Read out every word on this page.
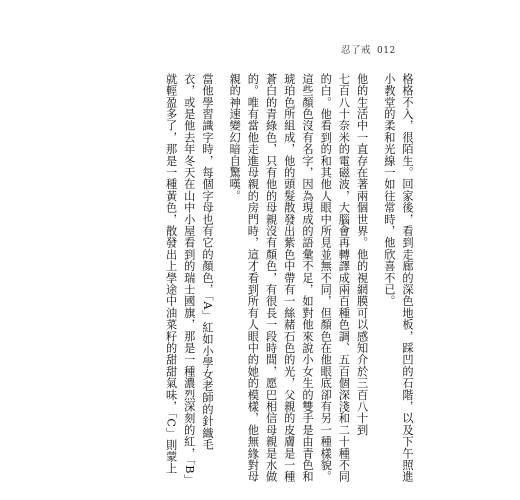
忍了戒 012
格格不入，很陌生。回家後，看到走廊的深色地板，踩凹的石階，以及下午照進
小教堂的柔和光線一如往常時，他欣喜不已。
他的生活中一直存在著兩個世界。他的視網膜可以感知介於三百八十到
七百八十奈米的電磁波，大腦會再轉譯成兩百種色調、五百個深淺和二十種不同
的白。他看到的和其他人眼中所見並無不同，但顏色在他眼底卻有另一種樣貌。
這些顏色沒有名字，因為現成的語彙不足，如對他來說小女生的雙手是由青色和
琥珀色所組成，他的頭髮散發出紫色中帶有一絲赭石色的光，父親的皮膚是一種
蒼白的青綠色，只有他的母親沒有顏色，有很長一段時間，愿巴相信母親是水做
的。唯有當他走進母親的房門時，這才看到所有人眼中的她的模樣，他無緣對母
親的神速變幻暗自驚嘆。
當他學習識字時，每個字母也有它的顏色，「A」紅如小學女老師的針織毛
衣，或是他去年冬天在山中小屋看到的瑞士國旗，那是一種濃烈深刻的紅，「B」
就輕盈多了，那是一種黃色，散發出上學途中油菜籽的甜甜氣味，「C」則蒙上
